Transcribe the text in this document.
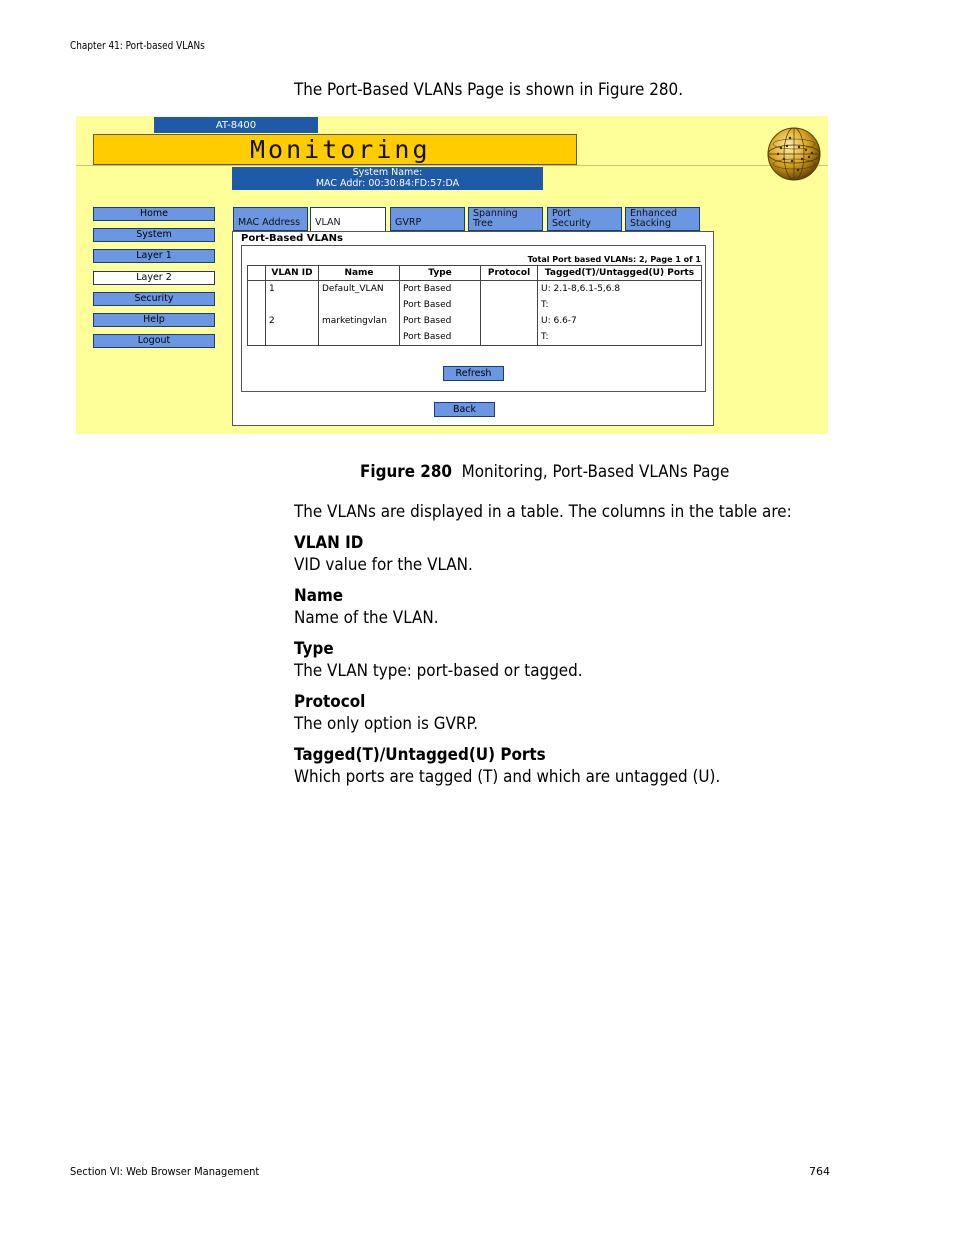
Chapter 41: Port-based VLANs
The Port-Based VLANs Page is shown in Figure 280.
AT-8400
Monitoring
System Name:
MAC Addr: 00:30:84:FD:57:DA
Home
System
Layer 1
Layer 2
Security
Help
Logout
MAC Address	VLAN	GVRP
Spanning
Tree
Port
Security
Enhanced
Stacking
Port-Based VLANs
Total Port based VLANs: 2, Page 1 of 1
	VLAN ID	Name	Type	Protocol	Tagged(T)/Untagged(U) Ports
	1	Default_VLAN	Port Based		U: 2.1-8,6.1-5,6.8
			Port Based		T:
	2	marketingvlan	Port Based		U: 6.6-7
			Port Based		T:
Refresh
Back
Figure 280 Monitoring, Port-Based VLANs Page
The VLANs are displayed in a table. The columns in the table are:
VLAN ID
VID value for the VLAN.
Name
Name of the VLAN.
Type
The VLAN type: port-based or tagged.
Protocol
The only option is GVRP.
Tagged(T)/Untagged(U) Ports
Which ports are tagged (T) and which are untagged (U).
Section VI: Web Browser Management	764
